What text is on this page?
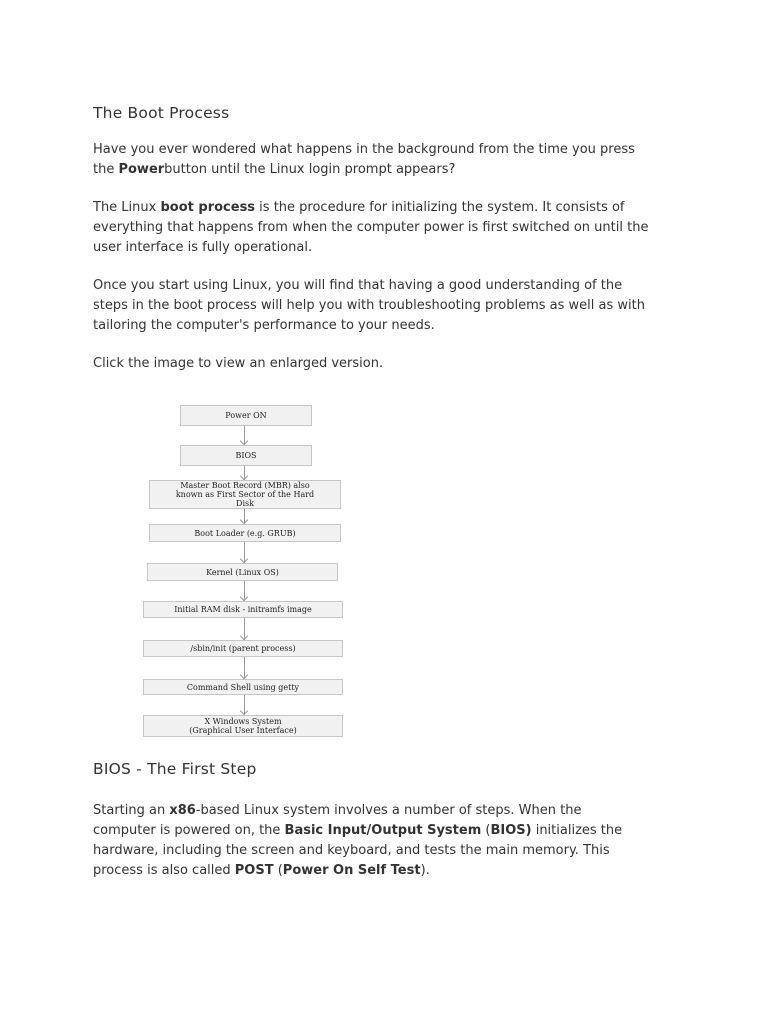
The Boot Process

Have you ever wondered what happens in the background from the time you press
the Powerbutton until the Linux login prompt appears?

The Linux boot process is the procedure for initializing the system. It consists of
everything that happens from when the computer power is first switched on until the
user interface is fully operational.

Once you start using Linux, you will find that having a good understanding of the
steps in the boot process will help you with troubleshooting problems as well as with
tailoring the computer's performance to your needs.

Click the image to view an enlarged version.

BIOS - The First Step

Starting an x86-based Linux system involves a number of steps. When the
computer is powered on, the Basic Input/Output System (BIOS) initializes the
hardware, including the screen and keyboard, and tests the main memory. This
process is also called POST (Power On Self Test).

Power ON
BIOS
Master Boot Record (MBR) also known as First Sector of the Hard Disk
Boot Loader (e.g. GRUB)
Kernel (Linux OS)
Initial RAM disk - initramfs image
/sbin/init (parent process)
Command Shell using getty
X Windows System (Graphical User Interface)
